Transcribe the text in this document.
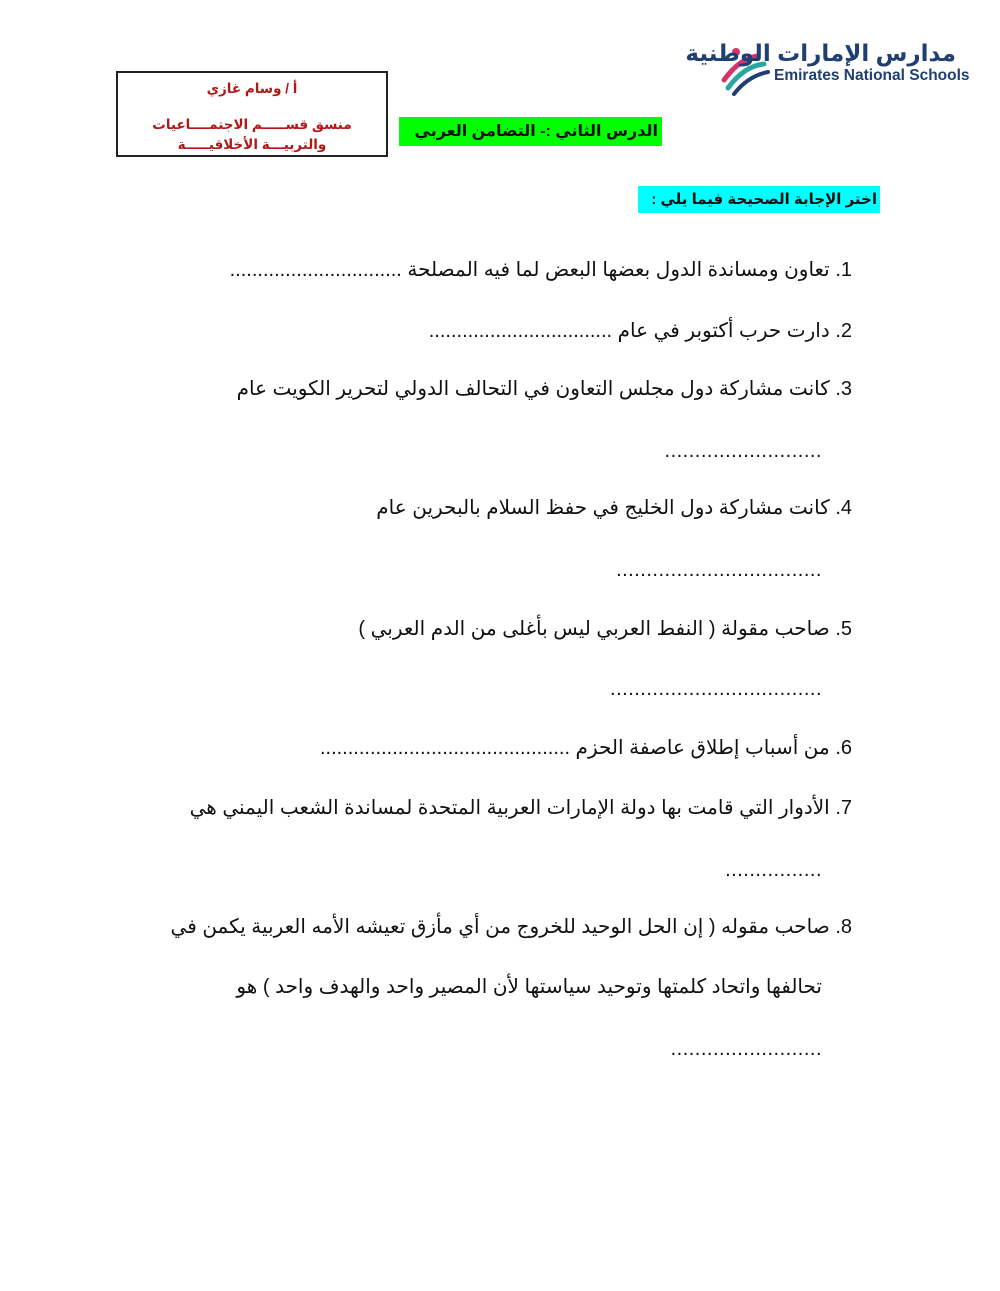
مدارس الإمارات الوطنية
Emirates National Schools
أ / وسام غازي
منسق قســـــم الاجتمــــاعيات
والتربيـــة الأخلاقيـــــة
الدرس الثاني :- التضامن العربي
اختر الإجابة الصحيحة فيما يلي :
1. تعاون ومساندة الدول بعضها البعض لما فيه المصلحة ...............................
2. دارت حرب أكتوبر في عام .................................
3. كانت مشاركة دول مجلس التعاون في التحالف الدولي لتحرير الكويت عام
..........................
4. كانت مشاركة دول الخليج في حفظ السلام بالبحرين عام
..................................
5. صاحب مقولة ( النفط العربي ليس بأغلى من الدم العربي )
...................................
6. من أسباب إطلاق عاصفة الحزم .............................................
7. الأدوار التي قامت بها دولة الإمارات العربية المتحدة لمساندة الشعب اليمني هي
................
8. صاحب مقوله ( إن الحل الوحيد للخروج من أي مأزق تعيشه الأمه العربية يكمن في
تحالفها واتحاد كلمتها وتوحيد سياستها لأن المصير واحد والهدف واحد ) هو
.........................
